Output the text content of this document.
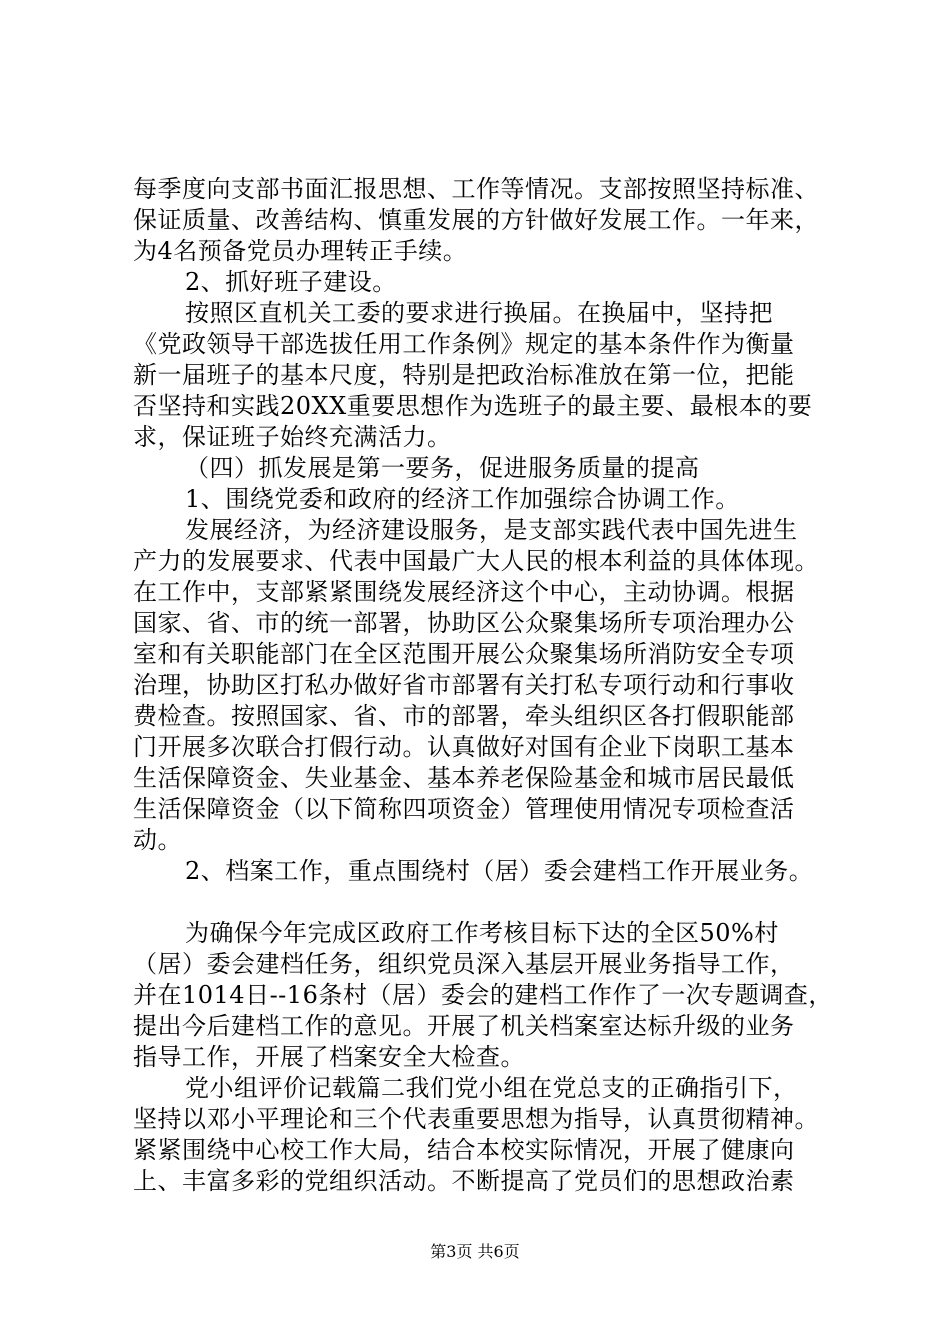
每季度向支部书面汇报思想、工作等情况。支部按照坚持标准、
保证质量、改善结构、慎重发展的方针做好发展工作。一年来，
为4名预备党员办理转正手续。
2、抓好班子建设。
按照区直机关工委的要求进行换届。在换届中，坚持把
《党政领导干部选拔任用工作条例》规定的基本条件作为衡量
新一届班子的基本尺度，特别是把政治标准放在第一位，把能
否坚持和实践20XX重要思想作为选班子的最主要、最根本的要
求，保证班子始终充满活力。
（四）抓发展是第一要务，促进服务质量的提高
1、围绕党委和政府的经济工作加强综合协调工作。
发展经济，为经济建设服务，是支部实践代表中国先进生
产力的发展要求、代表中国最广大人民的根本利益的具体体现。
在工作中，支部紧紧围绕发展经济这个中心，主动协调。根据
国家、省、市的统一部署，协助区公众聚集场所专项治理办公
室和有关职能部门在全区范围开展公众聚集场所消防安全专项
治理，协助区打私办做好省市部署有关打私专项行动和行事收
费检查。按照国家、省、市的部署，牵头组织区各打假职能部
门开展多次联合打假行动。认真做好对国有企业下岗职工基本
生活保障资金、失业基金、基本养老保险基金和城市居民最低
生活保障资金（以下简称四项资金）管理使用情况专项检查活
动。
2、档案工作，重点围绕村（居）委会建档工作开展业务。
为确保今年完成区政府工作考核目标下达的全区50%村
（居）委会建档任务，组织党员深入基层开展业务指导工作，
并在1014日--16条村（居）委会的建档工作作了一次专题调查，
提出今后建档工作的意见。开展了机关档案室达标升级的业务
指导工作，开展了档案安全大检查。
党小组评价记载篇二我们党小组在党总支的正确指引下，
坚持以邓小平理论和三个代表重要思想为指导，认真贯彻精神。
紧紧围绕中心校工作大局，结合本校实际情况，开展了健康向
上、丰富多彩的党组织活动。不断提高了党员们的思想政治素
第3页 共6页
